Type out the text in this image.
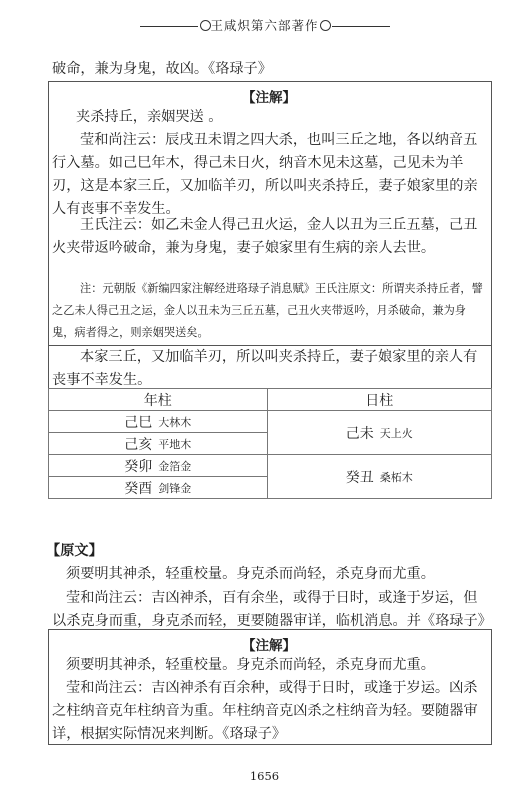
王咸炽第六部著作

破命，兼为身鬼，故凶。《珞琭子》

【注解】

夹杀持丘，亲姻哭送 。

莹和尚注云：辰戌丑未谓之四大杀，也叫三丘之地，各以纳音五行入墓。如己巳年木，得己未日火，纳音木见未这墓，己见未为羊刃，这是本家三丘，又加临羊刃，所以叫夹杀持丘，妻子娘家里的亲人有丧事不幸发生。

王氏注云：如乙未金人得己丑火运，金人以丑为三丘五墓，己丑火夹带返吟破命，兼为身鬼，妻子娘家里有生病的亲人去世。

注：元朝版《新编四家注解经进珞琭子消息赋》王氏注原文：所谓夹杀持丘者，譬之乙未人得己丑之运，金人以丑未为三丘五墓，己丑火夹带返吟，月杀破命，兼为身鬼，病者得之，则亲姻哭送矣。

本家三丘，又加临羊刃，所以叫夹杀持丘，妻子娘家里的亲人有丧事不幸发生。

年柱	日柱

己巳 大林木	己未 天上火

己亥 平地木	

癸卯 金箔金	癸丑 桑柘木

癸酉 剑锋金	

【原文】

须要明其神杀，轻重校量。身克杀而尚轻，杀克身而尤重。

莹和尚注云：吉凶神杀，百有余坐，或得于日时，或逢于岁运，但以杀克身而重，身克杀而轻，更要随器审详，临机消息。并《珞琭子》

【注解】

须要明其神杀，轻重校量。身克杀而尚轻，杀克身而尤重。

莹和尚注云：吉凶神杀有百余种，或得于日时，或逢于岁运。凶杀之柱纳音克年柱纳音为重。年柱纳音克凶杀之柱纳音为轻。要随器审详，根据实际情况来判断。《珞琭子》

1656
